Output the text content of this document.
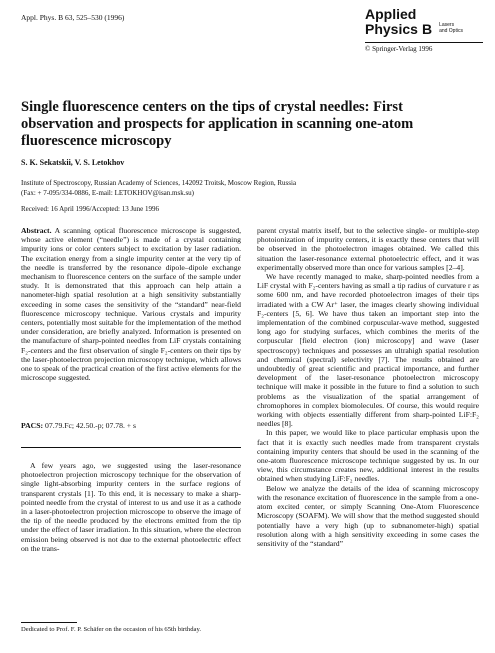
Appl. Phys. B 63, 525–530 (1996)	Applied
Physics B Lasers
and Optics
© Springer-Verlag 1996
Single fluorescence centers on the tips of crystal needles: First observation and prospects for application in scanning one-atom fluorescence microscopy
S. K. Sekatskii, V. S. Letokhov
Institute of Spectroscopy, Russian Academy of Sciences, 142092 Troitsk, Moscow Region, Russia
(Fax: + 7-095/334-0886, E-mail: LETOKHOV@isan.msk.su)
Received: 16 April 1996/Accepted: 13 June 1996
Abstract. A scanning optical fluorescence microscope is suggested, whose active element (“needle”) is made of a crystal containing impurity ions or color centers subject to excitation by laser radiation. The excitation energy from a single impurity center at the very tip of the needle is transferred by the resonance dipole–dipole exchange mechanism to fluorescence centers on the surface of the sample under study. It is demonstrated that this approach can help attain a nanometer-high spatial resolution at a high sensitivity substantially exceeding in some cases the sensitivity of the “standard” near-field fluorescence microscopy technique. Various crystals and impurity centers, potentially most suitable for the implementation of the method under consideration, are briefly analyzed. Information is presented on the manufacture of sharp-pointed needles from LiF crystals containing F₂-centers and the first observation of single F₂-centers on their tips by the laser-photoelectron projection microscopy technique, which allows one to speak of the practical creation of the first active elements for the microscope suggested.
PACS: 07.79.Fc; 42.50.-p; 07.78. + s

A few years ago, we suggested using the laser-resonance photoelectron projection microscopy technique for the observation of single light-absorbing impurity centers in the surface regions of transparent crystals [1]. To this end, it is necessary to make a sharp-pointed needle from the crystal of interest to us and use it as a cathode in a laser-photoelectron projection microscope to observe the image of the tip of the needle produced by the electrons emitted from the tip under the effect of laser irradiation. In this situation, where the electron emission being observed is not due to the external photoelectric effect on the trans-

Dedicated to Prof. F. P. Schäfer on the occasion of his 65th birthday.

parent crystal matrix itself, but to the selective single- or multiple-step photoionization of impurity centers, it is exactly these centers that will be observed in the photoelectron images obtained. We called this situation the laser-resonance external photoelectric effect, and it was experimentally observed more than once for various samples [2–4].

We have recently managed to make, sharp-pointed needles from a LiF crystal with F₂-centers having as small a tip radius of curvature r as some 600 nm, and have recorded photoelectron images of their tips irradiated with a CW Ar⁺ laser, the images clearly showing individual F₂-centers [5, 6]. We have thus taken an important step into the implementation of the combined corpuscular-wave method, suggested long ago for studying surfaces, which combines the merits of the corpuscular [field electron (ion) microscopy] and wave (laser spectroscopy) techniques and possesses an ultrahigh spatial resolution and chemical (spectral) selectivity [7]. The results obtained are undoubtedly of great scientific and practical importance, and further development of the laser-resonance photoelectron microscopy technique will make it possible in the future to find a solution to such problems as the visualization of the spatial arrangement of chromophores in complex biomolecules. Of course, this would require working with objects essentially different from sharp-pointed LiF:F₂ needles [8].

In this paper, we would like to place particular emphasis upon the fact that it is exactly such needles made from transparent crystals containing impurity centers that should be used in the scanning of the one-atom fluorescence microscope technique suggested by us. In our view, this circumstance creates new, additional interest in the results obtained when studying LiF:F₂ needles.

Below we analyze the details of the idea of scanning microscopy with the resonance excitation of fluorescence in the sample from a one-atom excited center, or simply Scanning One-Atom Fluorescence Microscopy (SOAFM). We will show that the method suggested should potentially have a very high (up to subnanometer-high) spatial resolution along with a high sensitivity exceeding in some cases the sensitivity of the “standard”
